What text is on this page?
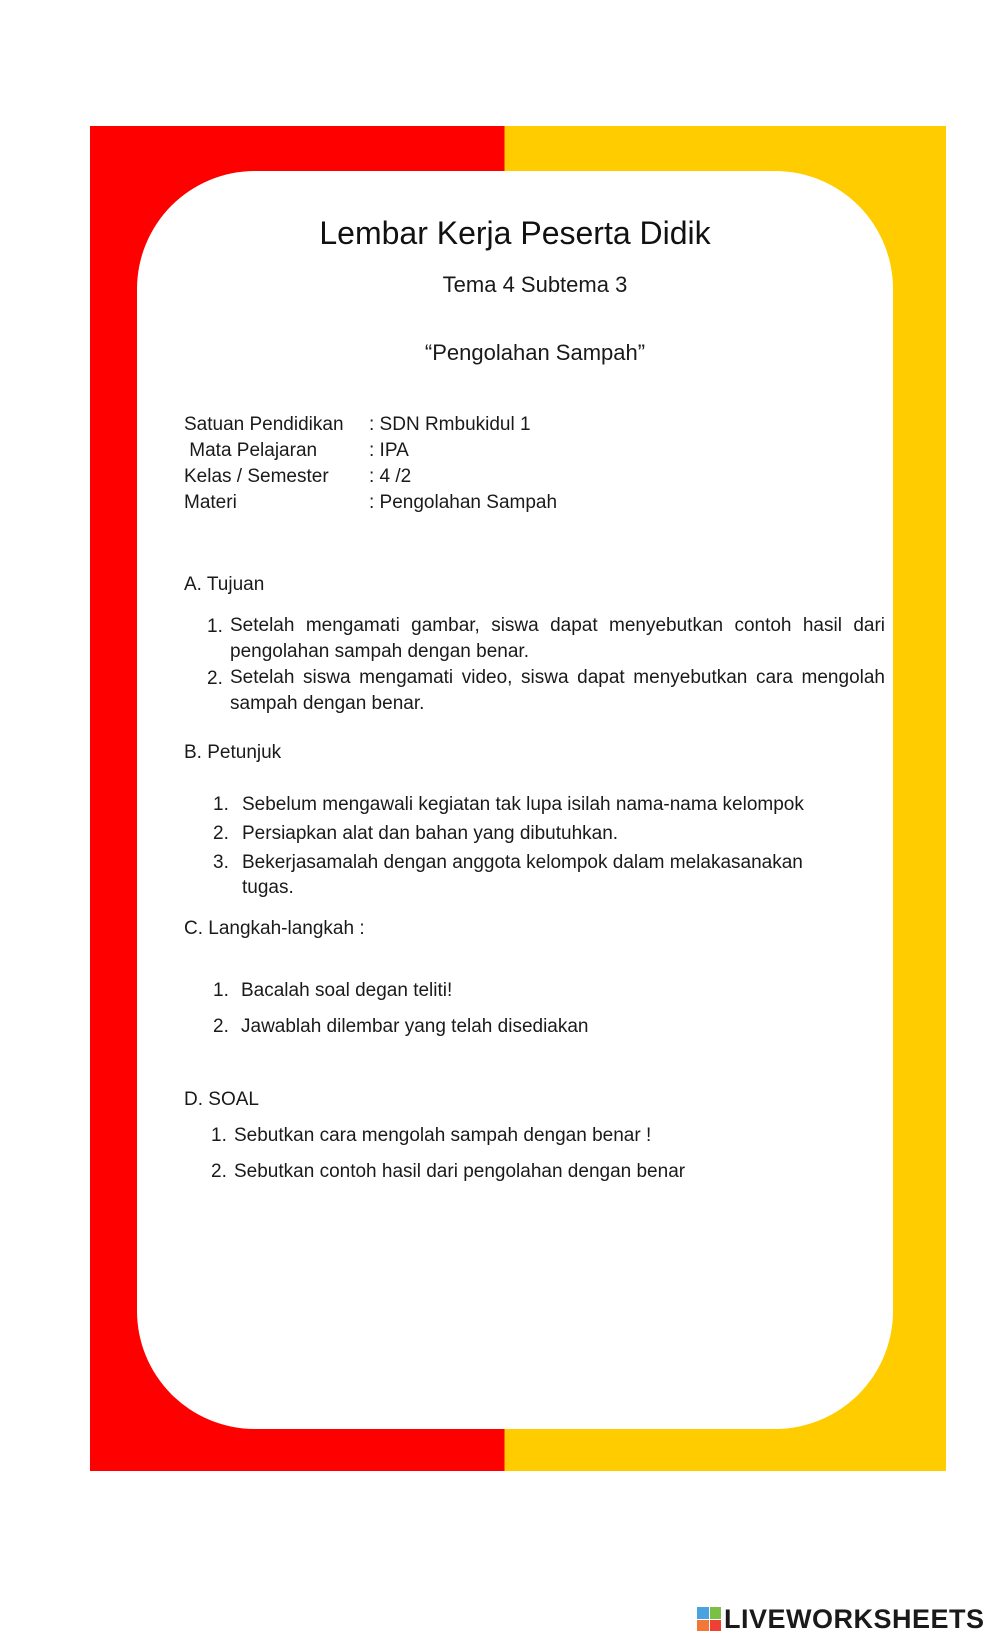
Lembar Kerja Peserta Didik
Tema 4 Subtema 3
“Pengolahan Sampah”
Satuan Pendidikan	: SDN Rmbukidul 1
Mata Pelajaran	: IPA
Kelas / Semester	: 4 /2
Materi	: Pengolahan Sampah
A. Tujuan
1. Setelah mengamati gambar, siswa dapat menyebutkan contoh hasil dari
pengolahan sampah dengan benar.
2. Setelah siswa mengamati video, siswa dapat menyebutkan cara mengolah
sampah dengan benar.
B. Petunjuk
1. Sebelum mengawali kegiatan tak lupa isilah nama-nama kelompok
2. Persiapkan alat dan bahan yang dibutuhkan.
3. Bekerjasamalah dengan anggota kelompok dalam melakasanakan
tugas.
C. Langkah-langkah :
1. Bacalah soal degan teliti!
2. Jawablah dilembar yang telah disediakan
D. SOAL
1. Sebutkan cara mengolah sampah dengan benar !
2. Sebutkan contoh hasil dari pengolahan dengan benar
LIVEWORKSHEETS
